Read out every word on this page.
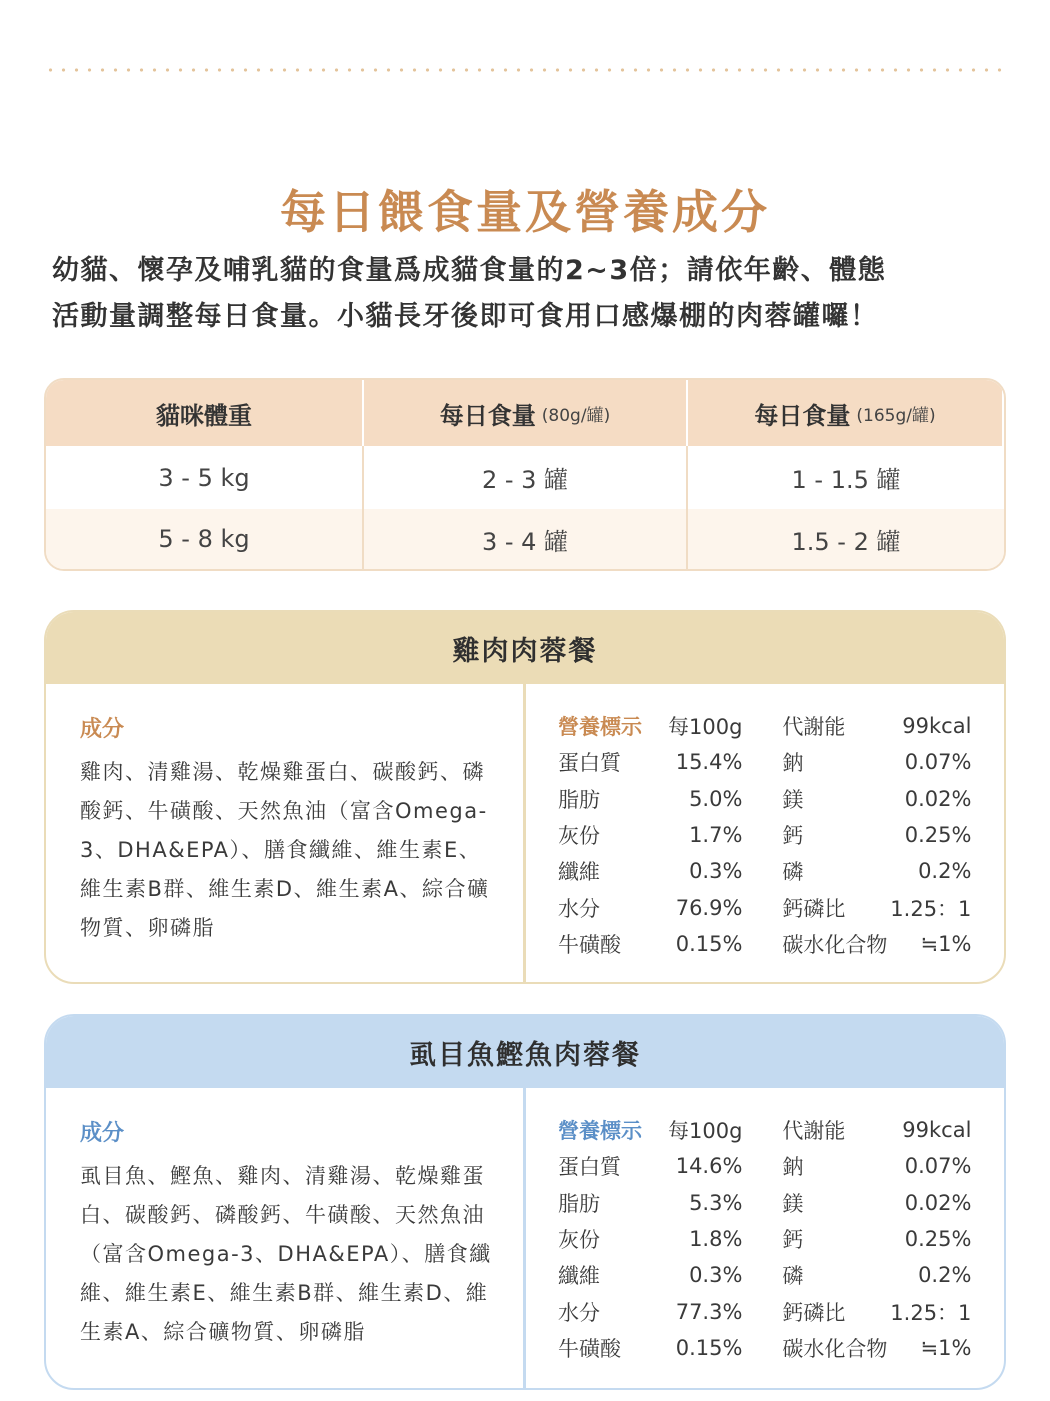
每日餵食量及營養成分

幼貓、懷孕及哺乳貓的食量爲成貓食量的2~3倍；請依年齡、體態
活動量調整每日食量。小貓長牙後即可食用口感爆棚的肉蓉罐囉！

貓咪體重	每日食量 (80g/罐)	每日食量 (165g/罐)
3 - 5 kg	2 - 3 罐	1 - 1.5 罐
5 - 8 kg	3 - 4 罐	1.5 - 2 罐
雞肉肉蓉餐
成分
雞肉、清雞湯、乾燥雞蛋白、碳酸鈣、磷酸鈣、牛磺酸、天然魚油（富含Omega-3、DHA&EPA）、膳食纖維、維生素E、維生素B群、維生素D、維生素A、綜合礦物質、卵磷脂
營養標示	每100g	代謝能	99kcal
蛋白質	15.4%	鈉	0.07%
脂肪	5.0%	鎂	0.02%
灰份	1.7%	鈣	0.25%
纖維	0.3%	磷	0.2%
水分	76.9%	鈣磷比	1.25：1
牛磺酸	0.15%	碳水化合物	≒1%
虱目魚鰹魚肉蓉餐
成分
虱目魚、鰹魚、雞肉、清雞湯、乾燥雞蛋白、碳酸鈣、磷酸鈣、牛磺酸、天然魚油（富含Omega-3、DHA&EPA）、膳食纖維、維生素E、維生素B群、維生素D、維生素A、綜合礦物質、卵磷脂
營養標示	每100g	代謝能	99kcal
蛋白質	14.6%	鈉	0.07%
脂肪	5.3%	鎂	0.02%
灰份	1.8%	鈣	0.25%
纖維	0.3%	磷	0.2%
水分	77.3%	鈣磷比	1.25：1
牛磺酸	0.15%	碳水化合物	≒1%
